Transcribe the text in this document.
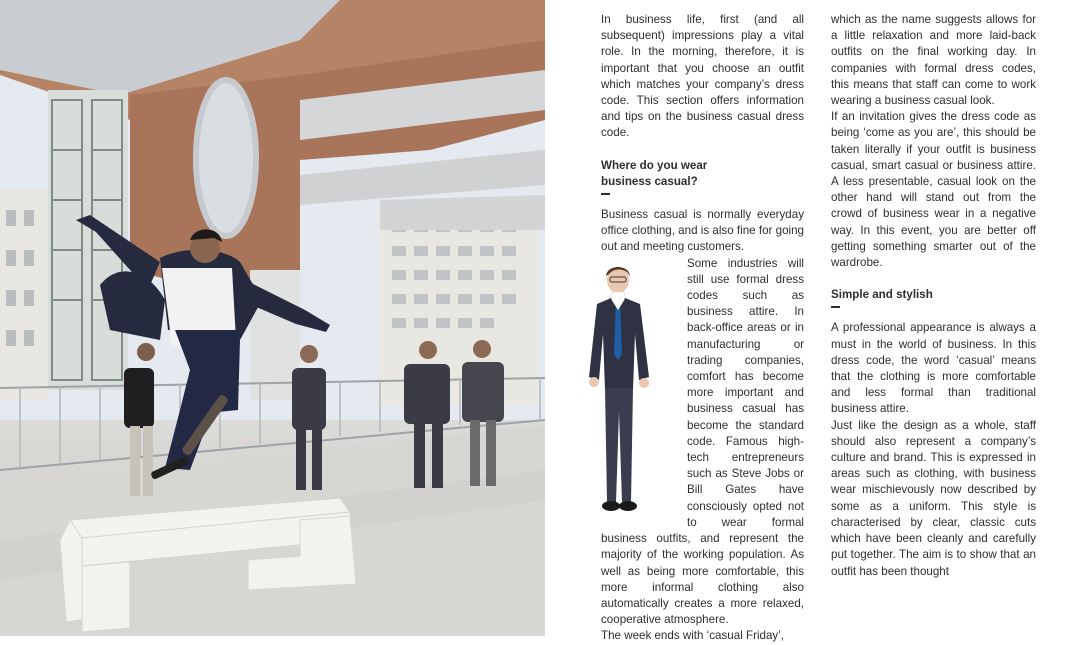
In business life, first (and all subsequent) impressions play a vital role. In the morning, therefore, it is important that you choose an outfit which matches your company’s dress code. This section offers information and tips on the business casual dress code.

Where do you wear business casual?

Business casual is normally everyday office clothing, and is also fine for going out and meeting customers.

Some industries will still use formal dress codes such as business attire. In back-office areas or in manufacturing or trading companies, comfort has become more important and business casual has become the standard code. Famous high-tech entrepreneurs such as Steve Jobs or Bill Gates have consciously opted not to wear formal business outfits, and represent the majority of the working population. As well as being more comfortable, this more informal clothing also automatically creates a more relaxed, cooperative atmosphere.

The week ends with ‘casual Friday’,

which as the name suggests allows for a little relaxation and more laid-back outfits on the final working day. In companies with formal dress codes, this means that staff can come to work wearing a business casual look.

If an invitation gives the dress code as being ‘come as you are’, this should be taken literally if your outfit is business casual, smart casual or business attire. A less presentable, casual look on the other hand will stand out from the crowd of business wear in a negative way. In this event, you are better off getting something smarter out of the wardrobe.

Simple and stylish

A professional appearance is always a must in the world of business. In this dress code, the word ‘casual’ means that the clothing is more comfortable and less formal than traditional business attire.

Just like the design as a whole, staff should also represent a company’s culture and brand. This is expressed in areas such as clothing, with business wear mischievously now described by some as a uniform. This style is characterised by clear, classic cuts which have been cleanly and carefully put together. The aim is to show that an outfit has been thought
